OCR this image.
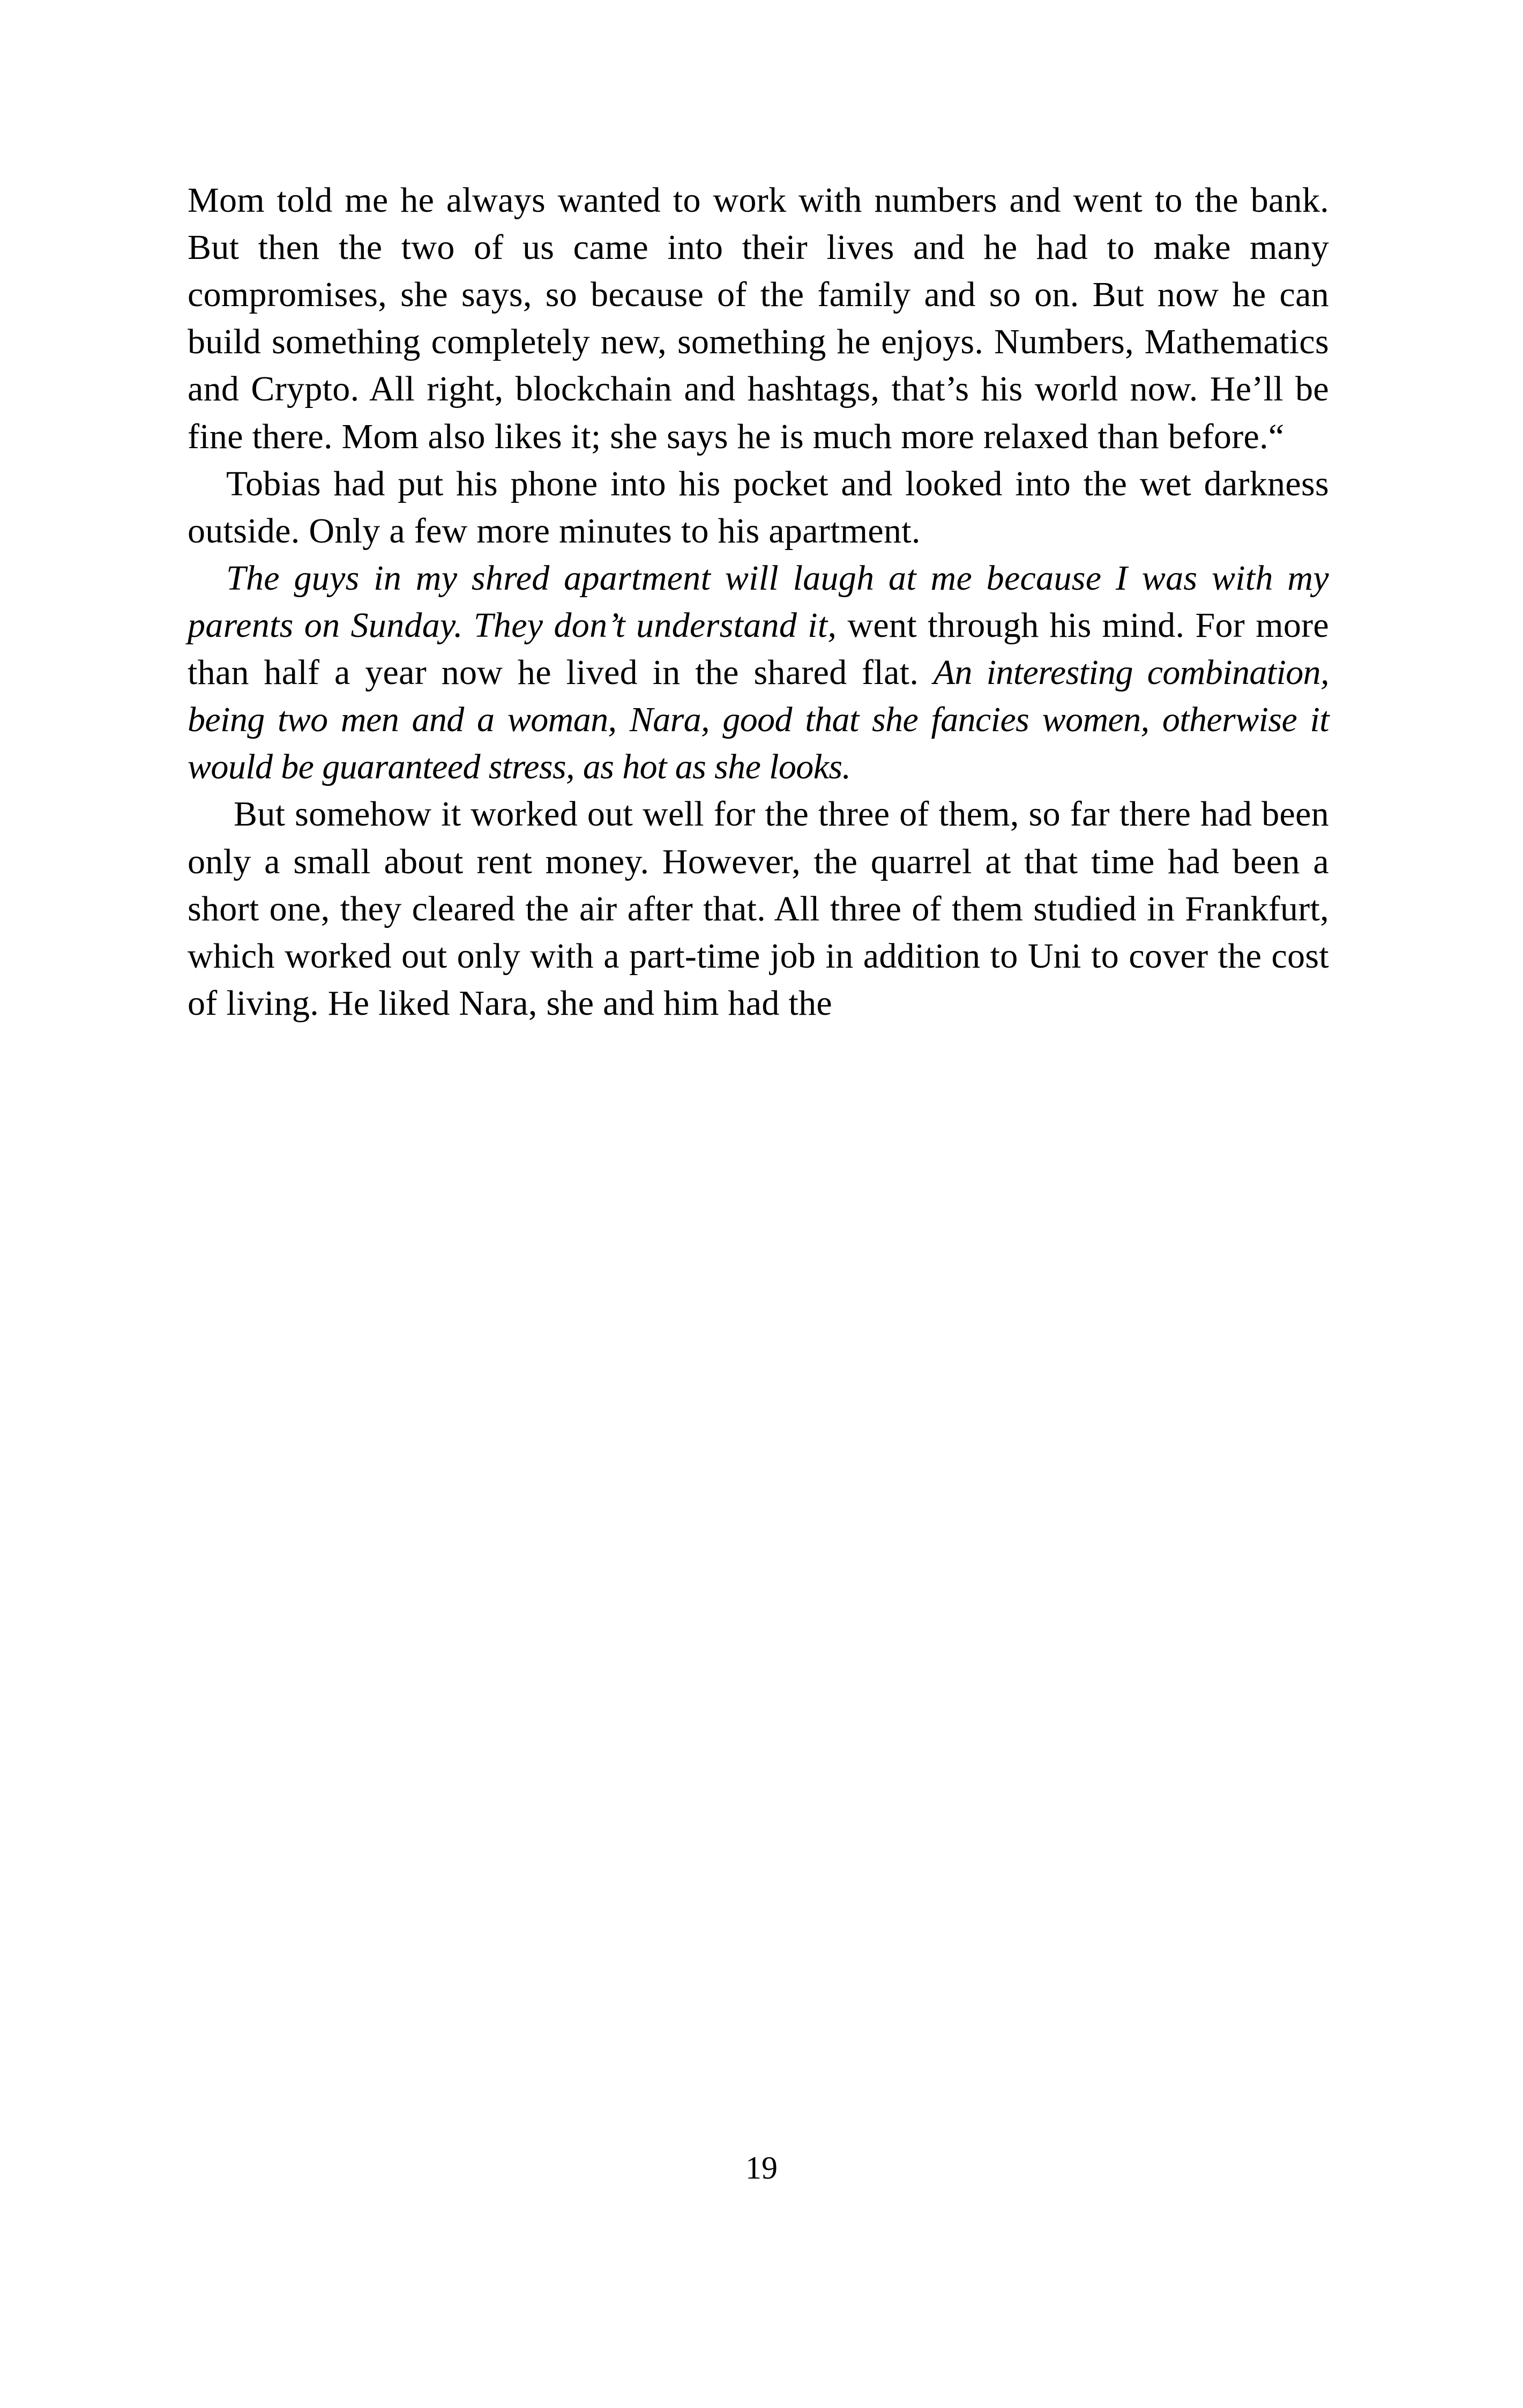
Mom told me he always wanted to work with numbers and went to the bank. But then the two of us came into their lives and he had to make many compromises, she says, so because of the family and so on. But now he can build something completely new, something he enjoys. Numbers, Mathematics and Crypto. All right, blockchain and hashtags, that’s his world now. He’ll be fine there. Mom also likes it; she says he is much more relaxed than before.“

Tobias had put his phone into his pocket and looked into the wet darkness outside. Only a few more minutes to his apartment.

The guys in my shred apartment will laugh at me because I was with my parents on Sunday. They don’t understand it, went through his mind. For more than half a year now he lived in the shared flat. An interesting combination, being two men and a woman, Nara, good that she fancies women, otherwise it would be guaranteed stress, as hot as she looks.

But somehow it worked out well for the three of them, so far there had been only a small about rent money. However, the quarrel at that time had been a short one, they cleared the air after that. All three of them studied in Frankfurt, which worked out only with a part-time job in addition to Uni to cover the cost of living. He liked Nara, she and him had the

19
